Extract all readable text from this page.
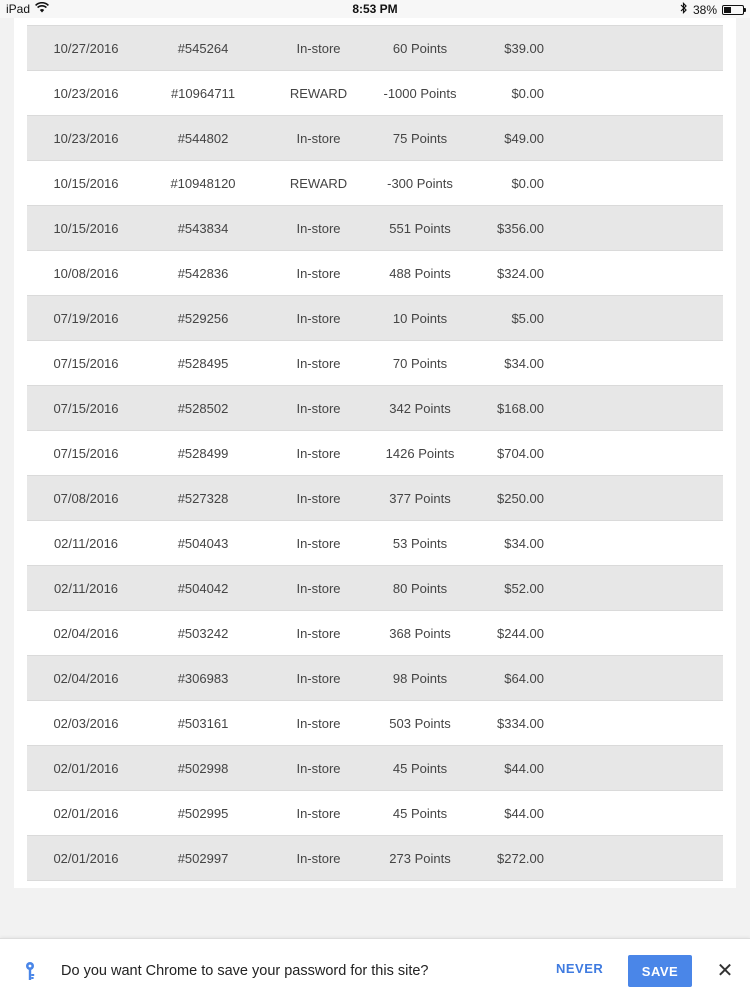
iPad	8:53 PM	38%
10/27/2016	#545264	In-store	60 Points	$39.00	
10/23/2016	#10964711	REWARD	-1000 Points	$0.00	
10/23/2016	#544802	In-store	75 Points	$49.00	
10/15/2016	#10948120	REWARD	-300 Points	$0.00	
10/15/2016	#543834	In-store	551 Points	$356.00	
10/08/2016	#542836	In-store	488 Points	$324.00	
07/19/2016	#529256	In-store	10 Points	$5.00	
07/15/2016	#528495	In-store	70 Points	$34.00	
07/15/2016	#528502	In-store	342 Points	$168.00	
07/15/2016	#528499	In-store	1426 Points	$704.00	
07/08/2016	#527328	In-store	377 Points	$250.00	
02/11/2016	#504043	In-store	53 Points	$34.00	
02/11/2016	#504042	In-store	80 Points	$52.00	
02/04/2016	#503242	In-store	368 Points	$244.00	
02/04/2016	#306983	In-store	98 Points	$64.00	
02/03/2016	#503161	In-store	503 Points	$334.00	
02/01/2016	#502998	In-store	45 Points	$44.00	
02/01/2016	#502995	In-store	45 Points	$44.00	
02/01/2016	#502997	In-store	273 Points	$272.00	
Do you want Chrome to save your password for this site?	NEVER	SAVE	✕
